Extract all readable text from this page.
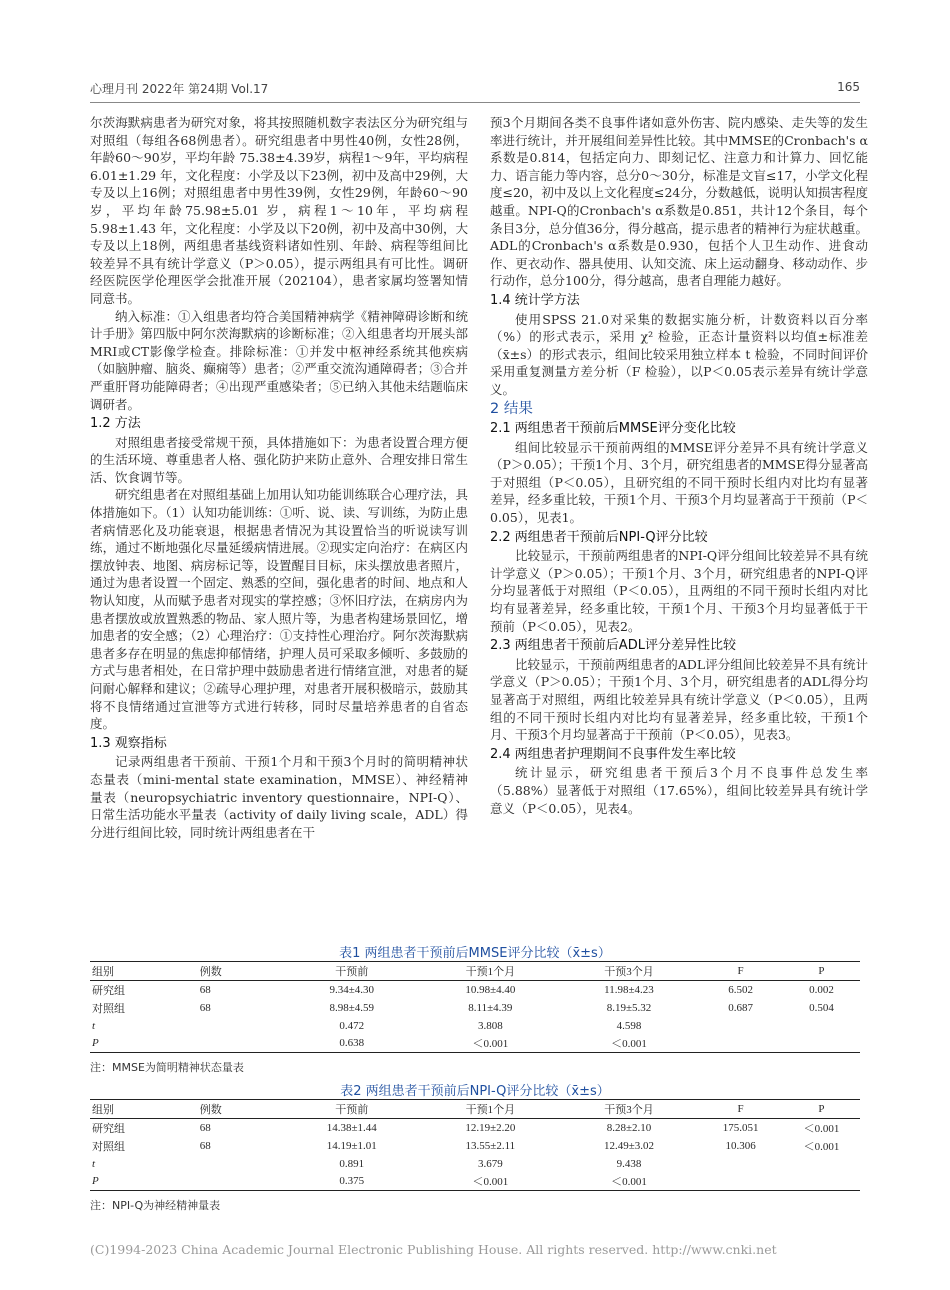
心理月刊 2022年 第24期 Vol.17	165

尔茨海默病患者为研究对象，将其按照随机数字表法区分为研究组与对照组（每组各68例患者）。研究组患者中男性40例，女性28例，年龄60～90岁，平均年龄 75.38±4.39岁，病程1～9年，平均病程 6.01±1.29 年，文化程度：小学及以下23例，初中及高中29例，大专及以上16例；对照组患者中男性39例，女性29例，年龄60～90岁，平均年龄75.98±5.01 岁，病程1～10年，平均病程 5.98±1.43 年，文化程度：小学及以下20例，初中及高中30例，大专及以上18例，两组患者基线资料诸如性别、年龄、病程等组间比较差异不具有统计学意义（P＞0.05），提示两组具有可比性。调研经医院医学伦理医学会批准开展（202104），患者家属均签署知情同意书。

纳入标准：①入组患者均符合美国精神病学《精神障碍诊断和统计手册》第四版中阿尔茨海默病的诊断标准；②入组患者均开展头部MRI或CT影像学检查。排除标准：①并发中枢神经系统其他疾病（如脑肿瘤、脑炎、癫痫等）患者；②严重交流沟通障碍者；③合并严重肝肾功能障碍者；④出现严重感染者；⑤已纳入其他未结题临床调研者。

1.2 方法

对照组患者接受常规干预，具体措施如下：为患者设置合理方便的生活环境、尊重患者人格、强化防护来防止意外、合理安排日常生活、饮食调节等。

研究组患者在对照组基础上加用认知功能训练联合心理疗法，具体措施如下。（1）认知功能训练：①听、说、读、写训练，为防止患者病情恶化及功能衰退，根据患者情况为其设置恰当的听说读写训练，通过不断地强化尽量延缓病情进展。②现实定向治疗：在病区内摆放钟表、地图、病房标记等，设置醒目目标，床头摆放患者照片，通过为患者设置一个固定、熟悉的空间，强化患者的时间、地点和人物认知度，从而赋予患者对现实的掌控感；③怀旧疗法，在病房内为患者摆放或放置熟悉的物品、家人照片等，为患者构建场景回忆，增加患者的安全感；（2）心理治疗：①支持性心理治疗。阿尔茨海默病患者多存在明显的焦虑抑郁情绪，护理人员可采取多倾听、多鼓励的方式与患者相处，在日常护理中鼓励患者进行情绪宣泄，对患者的疑问耐心解释和建议；②疏导心理护理，对患者开展积极暗示，鼓励其将不良情绪通过宣泄等方式进行转移，同时尽量培养患者的自省态度。

1.3 观察指标

记录两组患者干预前、干预1个月和干预3个月时的简明精神状态量表（mini-mental state examination，MMSE）、神经精神量表（neuropsychiatric inventory questionnaire，NPI-Q）、日常生活功能水平量表（activity of daily living scale，ADL）得分进行组间比较，同时统计两组患者在干

预3个月期间各类不良事件诸如意外伤害、院内感染、走失等的发生率进行统计，并开展组间差异性比较。其中MMSE的Cronbach's α系数是0.814，包括定向力、即刻记忆、注意力和计算力、回忆能力、语言能力等内容，总分0～30分，标准是文盲≤17，小学文化程度≤20，初中及以上文化程度≤24分，分数越低，说明认知损害程度越重。NPI-Q的Cronbach's α系数是0.851，共计12个条目，每个条目3分，总分值36分，得分越高，提示患者的精神行为症状越重。ADL的Cronbach's α系数是0.930，包括个人卫生动作、进食动作、更衣动作、器具使用、认知交流、床上运动翻身、移动动作、步行动作，总分100分，得分越高，患者自理能力越好。

1.4 统计学方法

使用SPSS 21.0对采集的数据实施分析，计数资料以百分率（%）的形式表示，采用 χ² 检验，正态计量资料以均值±标准差（x̄±s）的形式表示，组间比较采用独立样本 t 检验，不同时间评价采用重复测量方差分析（F 检验），以P＜0.05表示差异有统计学意义。

2 结果
2.1 两组患者干预前后MMSE评分变化比较

组间比较显示干预前两组的MMSE评分差异不具有统计学意义（P＞0.05）；干预1个月、3个月，研究组患者的MMSE得分显著高于对照组（P＜0.05），且研究组的不同干预时长组内对比均有显著差异，经多重比较，干预1个月、干预3个月均显著高于干预前（P＜0.05），见表1。

2.2 两组患者干预前后NPI-Q评分比较

比较显示，干预前两组患者的NPI-Q评分组间比较差异不具有统计学意义（P＞0.05）；干预1个月、3个月，研究组患者的NPI-Q评分均显著低于对照组（P＜0.05），且两组的不同干预时长组内对比均有显著差异，经多重比较，干预1个月、干预3个月均显著低于干预前（P＜0.05），见表2。

2.3 两组患者干预前后ADL评分差异性比较

比较显示，干预前两组患者的ADL评分组间比较差异不具有统计学意义（P＞0.05）；干预1个月、3个月，研究组患者的ADL得分均显著高于对照组，两组比较差异具有统计学意义（P＜0.05），且两组的不同干预时长组内对比均有显著差异，经多重比较，干预1个月、干预3个月均显著高于干预前（P＜0.05），见表3。

2.4 两组患者护理期间不良事件发生率比较

统计显示，研究组患者干预后3个月不良事件总发生率（5.88%）显著低于对照组（17.65%），组间比较差异具有统计学意义（P＜0.05），见表4。

表1 两组患者干预前后MMSE评分比较（x̄±s）
组别	例数	干预前	干预1个月	干预3个月	F	P
研究组	68	9.34±4.30	10.98±4.40	11.98±4.23	6.502	0.002
对照组	68	8.98±4.59	8.11±4.39	8.19±5.32	0.687	0.504
t		0.472	3.808	4.598		
P		0.638	＜0.001	＜0.001		
注：MMSE为简明精神状态量表
表2 两组患者干预前后NPI-Q评分比较（x̄±s）
组别	例数	干预前	干预1个月	干预3个月	F	P
研究组	68	14.38±1.44	12.19±2.20	8.28±2.10	175.051	＜0.001
对照组	68	14.19±1.01	13.55±2.11	12.49±3.02	10.306	＜0.001
t		0.891	3.679	9.438		
P		0.375	＜0.001	＜0.001		
注：NPI-Q为神经精神量表
(C)1994-2023 China Academic Journal Electronic Publishing House. All rights reserved. http://www.cnki.net
